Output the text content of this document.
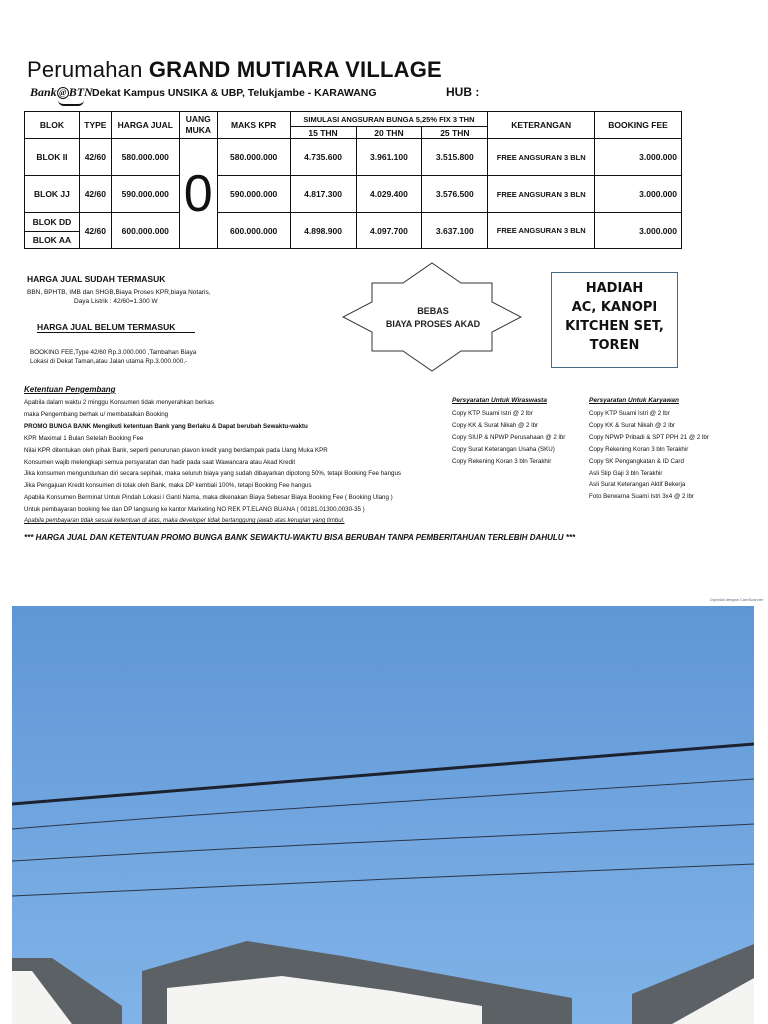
Perumahan GRAND MUTIARA VILLAGE
Bank @ BTN Dekat Kampus UNSIKA & UBP, Telukjambe - KARAWANG	HUB :
BLOK	TYPE	HARGA JUAL	UANG MUKA	MAKS KPR	SIMULASI ANGSURAN BUNGA 5,25% FIX 3 THN			KETERANGAN	BOOKING FEE
					15 THN	20 THN	25 THN		
BLOK II	42/60	580.000.000	0	580.000.000	4.735.600	3.961.100	3.515.800	FREE ANGSURAN 3 BLN	3.000.000
BLOK JJ	42/60	590.000.000		590.000.000	4.817.300	4.029.400	3.576.500	FREE ANGSURAN 3 BLN	3.000.000
BLOK DD	42/60	600.000.000		600.000.000	4.898.900	4.097.700	3.637.100	FREE ANGSURAN 3 BLN	3.000.000
BLOK AA									
HARGA JUAL SUDAH TERMASUK
BBN, BPHTB, IMB dan SHGB,Biaya Proses KPR,biaya Notaris,
Daya Listrik : 42/60=1.300 W
HARGA JUAL BELUM TERMASUK
BOOKING FEE,Type 42/60 Rp.3.000.000 ,Tambahan Biaya
Lokasi di Dekat Taman,atau Jalan utama Rp.3.000.000,-
BEBAS
BIAYA PROSES AKAD
HADIAH
AC, KANOPI
KITCHEN SET,
TOREN
Ketentuan Pengembang
Apabila dalam waktu 2 minggu Konsumen tidak menyerahkan berkas
maka Pengembang berhak u/ membatalkan Booking
PROMO BUNGA BANK Mengikuti ketentuan Bank yang Berlaku & Dapat berubah Sewaktu-waktu
KPR Maximal 1 Bulan Setelah Booking Fee
Nilai KPR ditentukan oleh pihak Bank, seperti penurunan plavon kredit yang berdampak pada Uang Muka KPR
Konsumen wajib melengkapi semua persyaratan dan hadir pada saat Wawancara atau Akad Kredit
Jika konsumen mengundurkan diri secara sepihak, maka seluruh biaya yang sudah dibayarkan dipotong 50%, tetapi Booking Fee hangus
Jika Pengajuan Kredit konsumen di tolak oleh Bank, maka DP kembali 100%, tetapi Booking Fee hangus
Apabila Konsumen Berminat Untuk Pindah Lokasi / Ganti Nama, maka dikenakan Biaya Sebesar Biaya Booking Fee ( Booking Ulang )
Untuk pembayaran booking fee dan DP langsung ke kantor Marketing NO REK PT.ELANG BUANA ( 00181.01300.0030-35 )
Apabila pembayaran tidak sesuai ketentuan di atas, maka developer tidak bertanggung jawab atas kerugian yang timbul.
Persyaratan Untuk Wiraswasta
Copy KTP Suami Istri @ 2 lbr
Copy KK & Surat Nikah @ 2 lbr
Copy SIUP & NPWP Perusahaan @ 2 lbr
Copy Surat Keterangan Usaha (SKU)
Copy Rekening Koran 3 bln Terakhir
Persyaratan Untuk Karyawan
Copy KTP Suami Istri @ 2 lbr
Copy KK & Surat Nikah @ 2 lbr
Copy NPWP Pribadi & SPT PPH 21 @ 2 lbr
Copy Rekening Koran 3 bln Terakhir
Copy SK Pengangkatan & ID Card
Asli Slip Gaji 3 bln Terakhir
Asli Surat Keterangan Aktif Bekerja
Foto Berwarna Suami Istri 3x4 @ 2 lbr
*** HARGA JUAL DAN KETENTUAN PROMO BUNGA BANK SEWAKTU-WAKTU BISA BERUBAH TANPA PEMBERITAHUAN TERLEBIH DAHULU ***
Dipindai dengan CamScanner
